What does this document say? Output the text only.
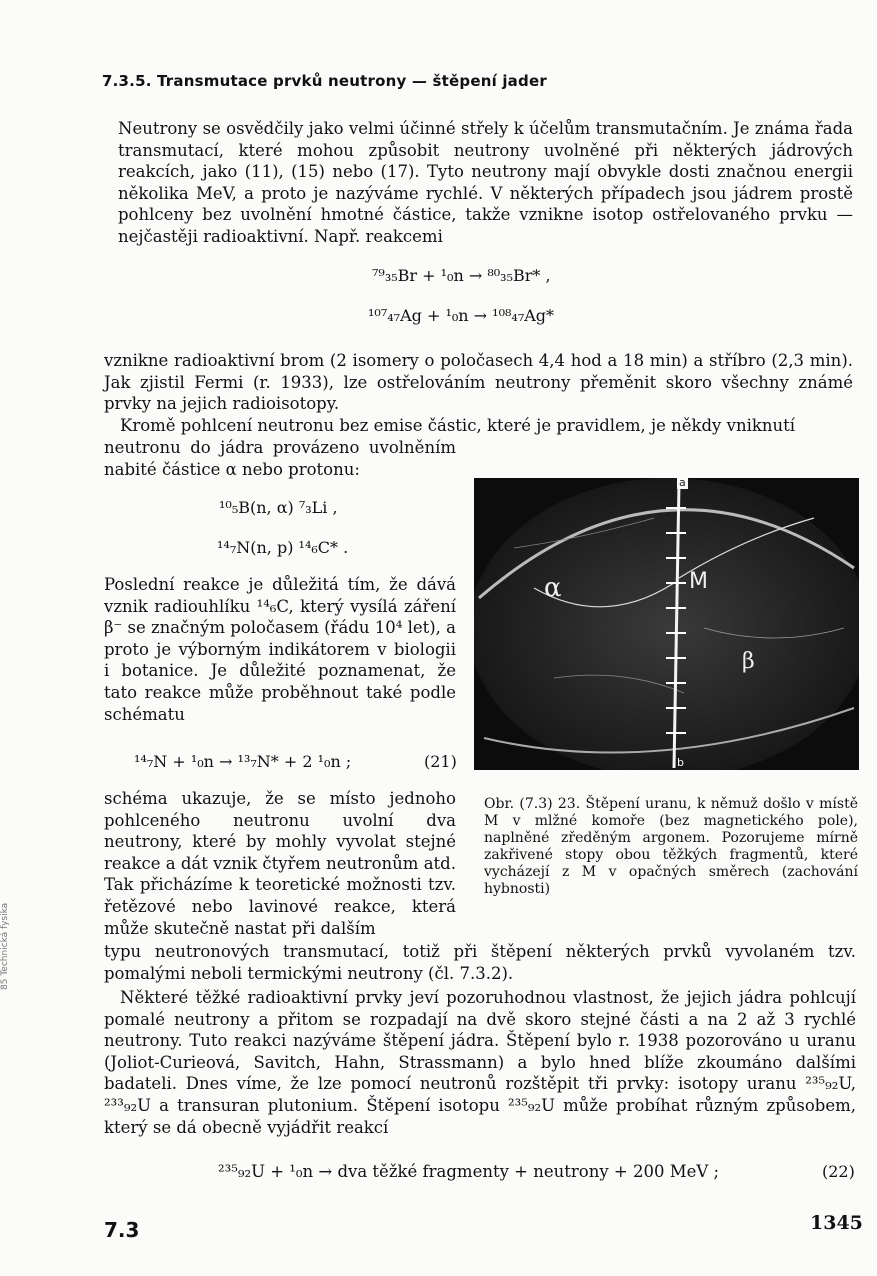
7.3.5. Transmutace prvků neutrony — štěpení jader

Neutrony se osvědčily jako velmi účinné střely k účelům transmutačním. Je známa řada transmutací, které mohou způsobit neutrony uvolněné při některých jádrových reakcích, jako (11), (15) nebo (17). Tyto neutrony mají obvykle dosti značnou energii několika MeV, a proto je nazýváme rychlé. V některých případech jsou jádrem prostě pohlceny bez uvolnění hmotné částice, takže vznikne isotop ostřelovaného prvku — nejčastěji radioaktivní. Např. reakcemi

⁷⁹₃₅Br + ¹₀n → ⁸⁰₃₅Br* ,
¹⁰⁷₄₇Ag + ¹₀n → ¹⁰⁸₄₇Ag*

vznikne radioaktivní brom (2 isomery o poločasech 4,4 hod a 18 min) a stříbro (2,3 min). Jak zjistil Fermi (r. 1933), lze ostřelováním neutrony přeměnit skoro všechny známé prvky na jejich radioisotopy.

Kromě pohlcení neutronu bez emise částic, které je pravidlem, je někdy vniknutí

neutronu do jádra provázeno uvolněním nabité částice α nebo protonu:

¹⁰₅B(n, α) ⁷₃Li ,
¹⁴₇N(n, p) ¹⁴₆C* .

Poslední reakce je důležitá tím, že dává vznik radiouhlíku ¹⁴₆C, který vysílá záření β⁻ se značným poločasem (řádu 10⁴ let), a proto je výborným indikátorem v biologii i botanice. Je důležité poznamenat, že tato reakce může proběhnout také podle schématu

¹⁴₇N + ¹₀n → ¹³₇N* + 2 ¹₀n ;	(21)

schéma ukazuje, že se místo jednoho pohlceného neutronu uvolní dva neutrony, které by mohly vyvolat stejné reakce a dát vznik čtyřem neutronům atd. Tak přicházíme k teoretické možnosti tzv. řetězové nebo lavinové reakce, která může skutečně nastat při dalším

α	M
β
a
b
Obr. (7.3) 23. Štěpení uranu, k němuž došlo v místě M v mlžné komoře (bez magnetického pole), naplněné zředěným argonem. Pozorujeme mírně zakřivené stopy obou těžkých fragmentů, které vycházejí z M v opačných směrech (zachování hybnosti)

typu neutronových transmutací, totiž při štěpení některých prvků vyvolaném tzv. pomalými neboli termickými neutrony (čl. 7.3.2).

Některé těžké radioaktivní prvky jeví pozoruhodnou vlastnost, že jejich jádra pohlcují pomalé neutrony a přitom se rozpadají na dvě skoro stejné části a na 2 až 3 rychlé neutrony. Tuto reakci nazýváme štěpení jádra. Štěpení bylo r. 1938 pozorováno u uranu (Joliot-Curieová, Savitch, Hahn, Strassmann) a bylo hned blíže zkoumáno dalšími badateli. Dnes víme, že lze pomocí neutronů rozštěpit tři prvky: isotopy uranu ²³⁵₉₂U, ²³³₉₂U a transuran plutonium. Štěpení isotopu ²³⁵₉₂U může probíhat různým způsobem, který se dá obecně vyjádřit reakcí

²³⁵₉₂U + ¹₀n → dva těžké fragmenty + neutrony + 200 MeV ;	(22)
7.3	1345
85 Technická fysika
